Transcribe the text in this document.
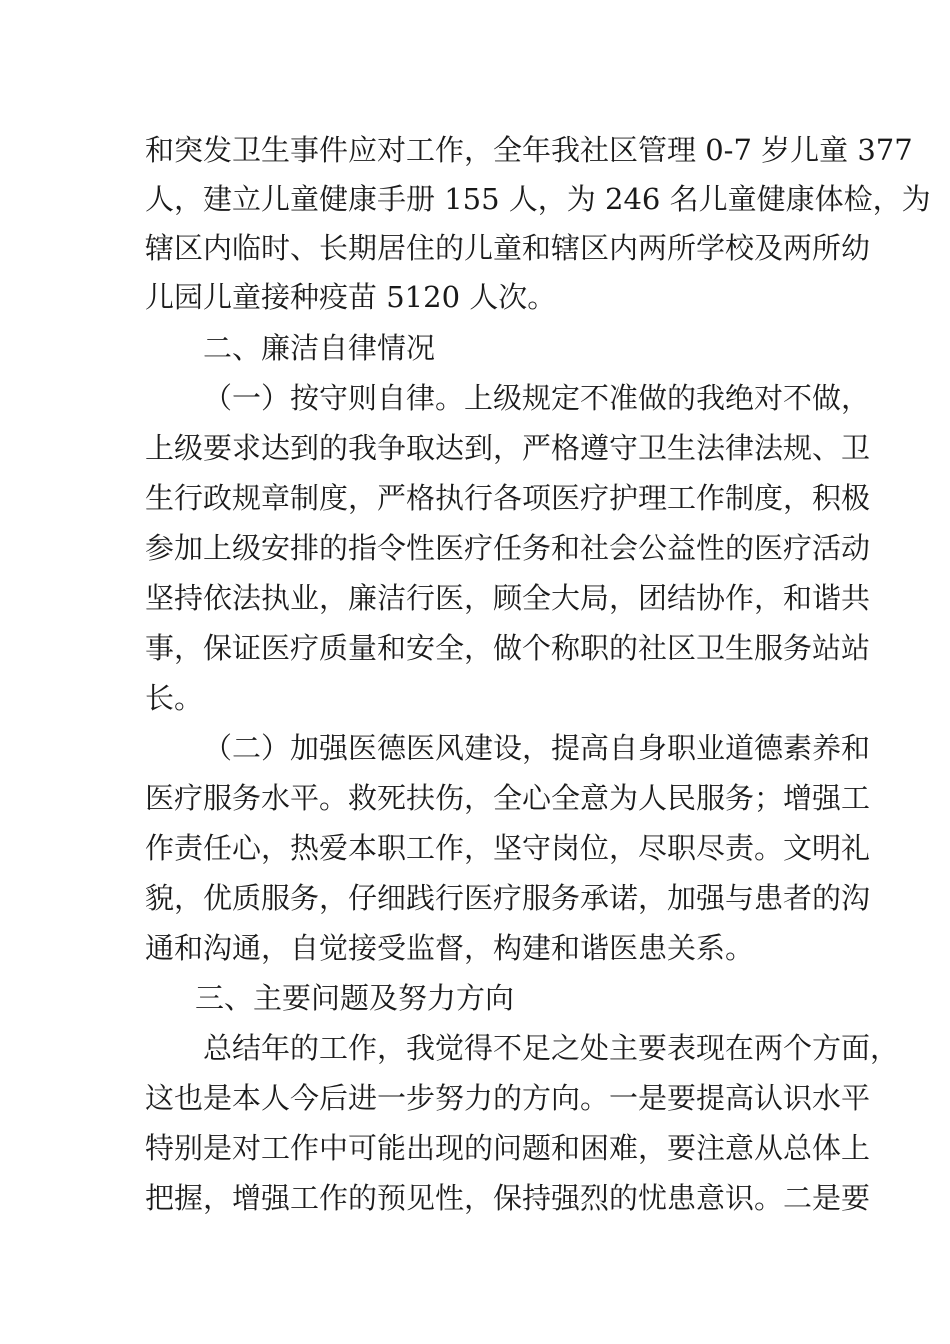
和突发卫生事件应对工作，全年我社区管理 0-7 岁儿童 377
人，建立儿童健康手册 155 人，为 246 名儿童健康体检，为
辖区内临时、长期居住的儿童和辖区内两所学校及两所幼
儿园儿童接种疫苗 5120 人次。
二、廉洁自律情况
（一）按守则自律。上级规定不准做的我绝对不做，
上级要求达到的我争取达到，严格遵守卫生法律法规、卫
生行政规章制度，严格执行各项医疗护理工作制度，积极
参加上级安排的指令性医疗任务和社会公益性的医疗活动
坚持依法执业，廉洁行医，顾全大局，团结协作，和谐共
事，保证医疗质量和安全，做个称职的社区卫生服务站站
长。
（二）加强医德医风建设，提高自身职业道德素养和
医疗服务水平。救死扶伤，全心全意为人民服务；增强工
作责任心，热爱本职工作，坚守岗位，尽职尽责。文明礼
貌，优质服务，仔细践行医疗服务承诺，加强与患者的沟
通和沟通，自觉接受监督，构建和谐医患关系。
三、主要问题及努力方向
总结年的工作，我觉得不足之处主要表现在两个方面，
这也是本人今后进一步努力的方向。一是要提高认识水平
特别是对工作中可能出现的问题和困难，要注意从总体上
把握，增强工作的预见性，保持强烈的忧患意识。二是要
